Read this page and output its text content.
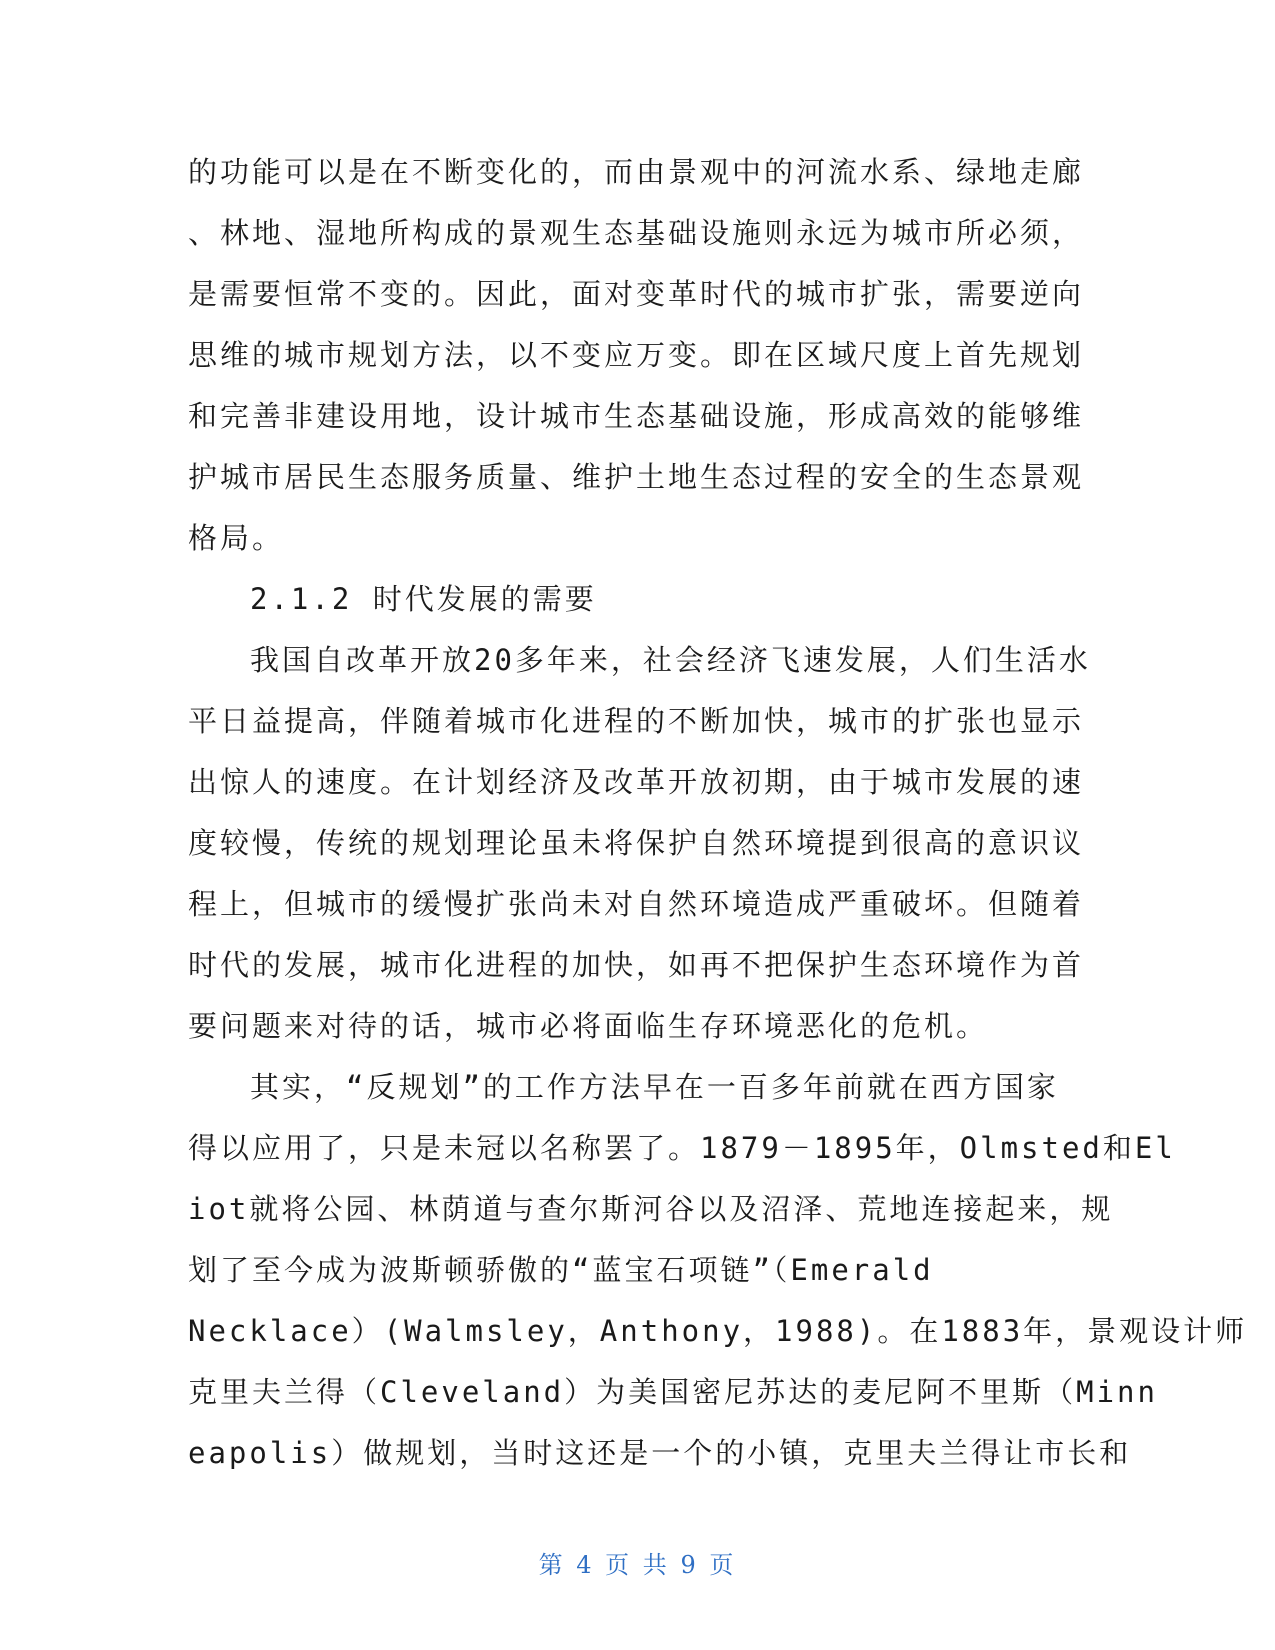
的功能可以是在不断变化的，而由景观中的河流水系、绿地走廊
、林地、湿地所构成的景观生态基础设施则永远为城市所必须，
是需要恒常不变的。因此，面对变革时代的城市扩张，需要逆向
思维的城市规划方法，以不变应万变。即在区域尺度上首先规划
和完善非建设用地，设计城市生态基础设施，形成高效的能够维
护城市居民生态服务质量、维护土地生态过程的安全的生态景观
格局。
2.1.2 时代发展的需要
我国自改革开放20多年来，社会经济飞速发展，人们生活水
平日益提高，伴随着城市化进程的不断加快，城市的扩张也显示
出惊人的速度。在计划经济及改革开放初期，由于城市发展的速
度较慢，传统的规划理论虽未将保护自然环境提到很高的意识议
程上，但城市的缓慢扩张尚未对自然环境造成严重破坏。但随着
时代的发展，城市化进程的加快，如再不把保护生态环境作为首
要问题来对待的话，城市必将面临生存环境恶化的危机。
其实，“反规划”的工作方法早在一百多年前就在西方国家
得以应用了，只是未冠以名称罢了。1879－1895年，Olmsted和El
iot就将公园、林荫道与查尔斯河谷以及沼泽、荒地连接起来，规
划了至今成为波斯顿骄傲的“蓝宝石项链”（Emerald
Necklace）(Walmsley，Anthony，1988)。在1883年，景观设计师
克里夫兰得（Cleveland）为美国密尼苏达的麦尼阿不里斯（Minn
eapolis）做规划，当时这还是一个的小镇，克里夫兰得让市长和
第 4 页 共 9 页
